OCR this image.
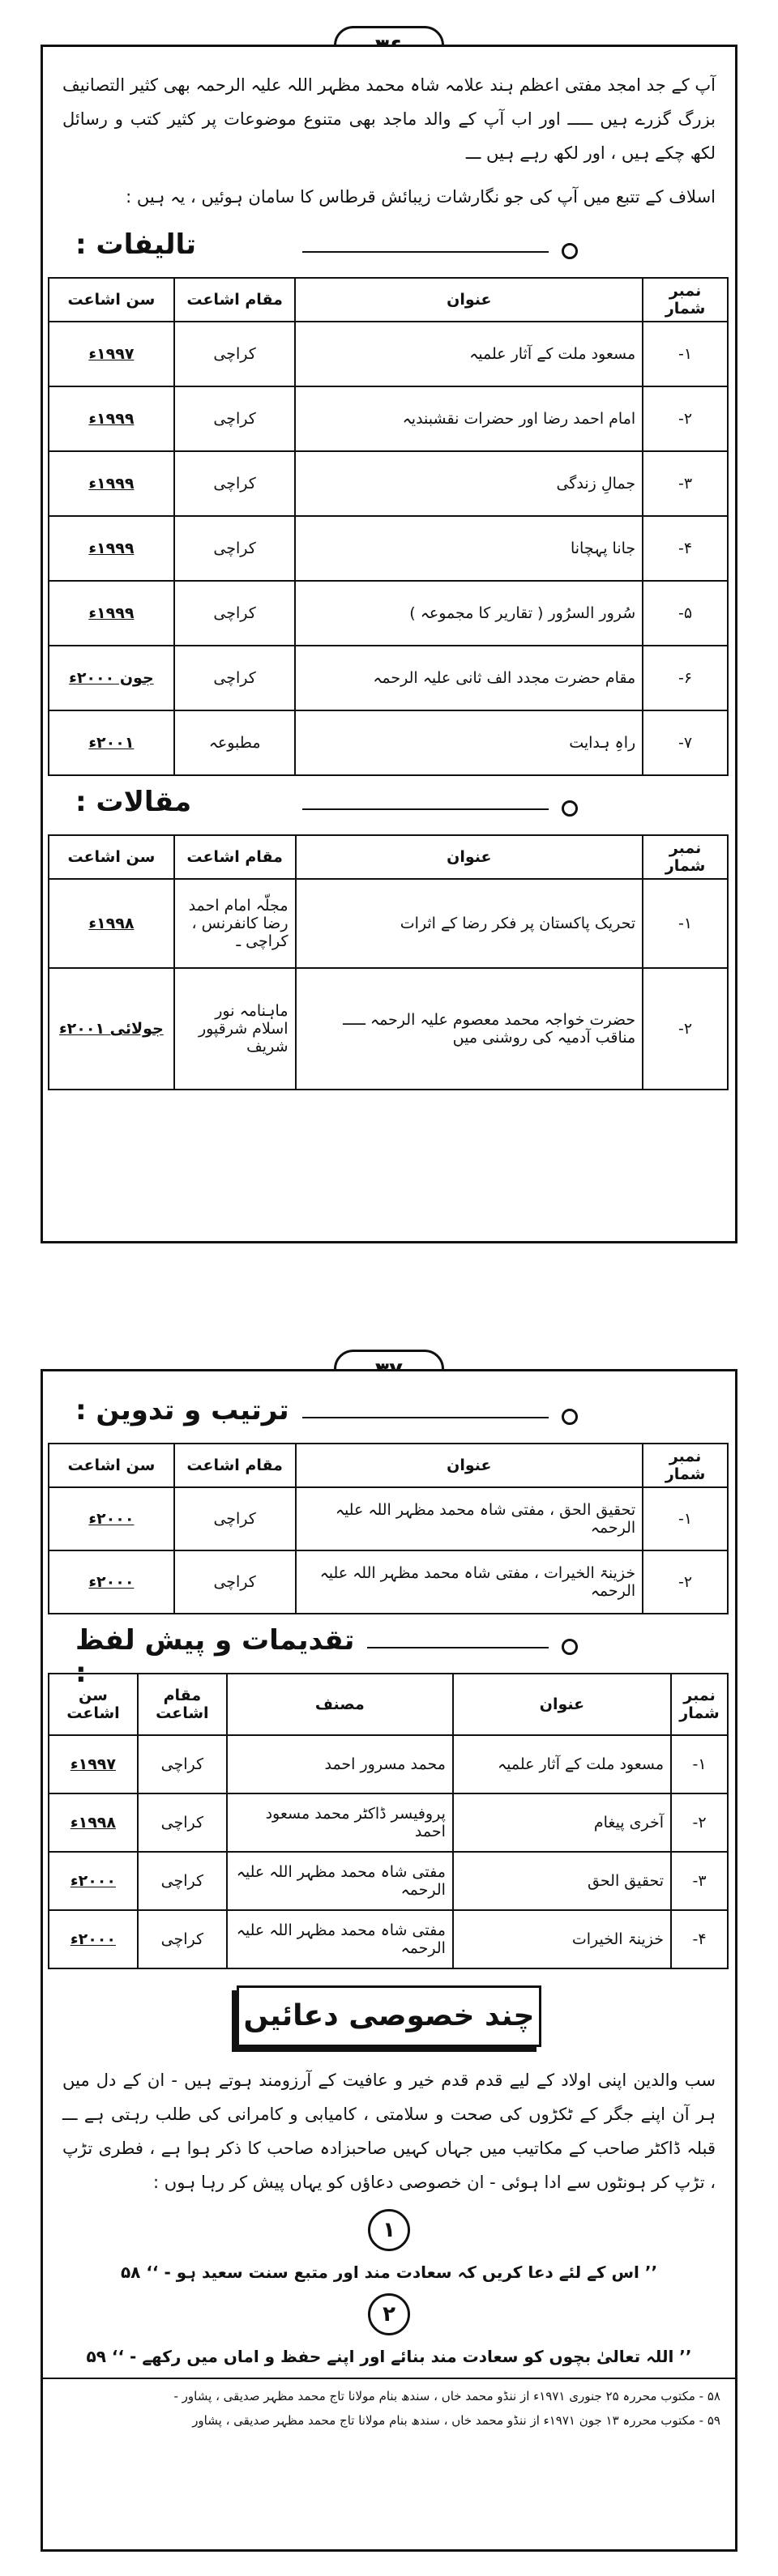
آپ کے جد امجد مفتی اعظم ہند علامہ شاہ محمد مظہر اللہ علیہ الرحمہ بھی کثیر التصانیف بزرگ گزرے ہیں ـــــ اور اب آپ کے والد ماجد بھی متنوع موضوعات پر کثیر کتب و رسائل لکھ چکے ہیں ، اور لکھ رہے ہیں ـــ

اسلاف کے تتبع میں آپ کی جو نگارشات زیبائش قرطاس کا سامان ہوئیں ، یہ ہیں :

تالیفات :
نمبر شمار	عنوان	مقام اشاعت	سن اشاعت
۱-	مسعود ملت کے آثار علمیہ	کراچی	۱۹۹۷ء
۲-	امام احمد رضا اور حضرات نقشبندیہ	کراچی	۱۹۹۹ء
۳-	جمالِ زندگی	کراچی	۱۹۹۹ء
۴-	جانا پہچانا	کراچی	۱۹۹۹ء
۵-	سُرور السرُور ( تقاریر کا مجموعہ )	کراچی	۱۹۹۹ء
۶-	مقام حضرت مجدد الف ثانی علیہ الرحمہ	کراچی	جون ۲۰۰۰ء
۷-	راہِ ہدایت	مطبوعہ	۲۰۰۱ء
مقالات :
نمبر شمار	عنوان	مقام اشاعت	سن اشاعت
۱-	تحریک پاکستان پر فکر رضا کے اثرات	مجلّہ امام احمد رضا کانفرنس ، کراچی ـ	۱۹۹۸ء
۲-	حضرت خواجہ محمد معصوم علیہ الرحمہ ـــــ مناقب آدمیہ کی روشنی میں	ماہنامہ نور اسلام شرقپور شریف	جولائی ۲۰۰۱ء
ترتیب و تدوین :
نمبر شمار	عنوان	مقام اشاعت	سن اشاعت
۱-	تحقیق الحق ، مفتی شاہ محمد مظہر اللہ علیہ الرحمہ	کراچی	۲۰۰۰ء
۲-	خزینۃ الخیرات ، مفتی شاہ محمد مظہر اللہ علیہ الرحمہ	کراچی	۲۰۰۰ء
تقدیمات و پیش لفظ :
نمبر شمار	عنوان	مصنف	مقام اشاعت	سن اشاعت
۱-	مسعود ملت کے آثار علمیہ	محمد مسرور احمد	کراچی	۱۹۹۷ء
۲-	آخری پیغام	پروفیسر ڈاکٹر محمد مسعود احمد	کراچی	۱۹۹۸ء
۳-	تحقیق الحق	مفتی شاہ محمد مظہر اللہ علیہ الرحمہ	کراچی	۲۰۰۰ء
۴-	خزینۃ الخیرات	مفتی شاہ محمد مظہر اللہ علیہ الرحمہ	کراچی	۲۰۰۰ء
چند خصوصی دعائیں

سب والدین اپنی اولاد کے لیے قدم قدم خیر و عافیت کے آرزومند ہوتے ہیں - ان کے دل میں ہر آن اپنے جگر کے ٹکڑوں کی صحت و سلامتی ، کامیابی و کامرانی کی طلب رہتی ہے ـــ قبلہ ڈاکٹر صاحب کے مکاتیب میں جہاں کہیں صاحبزادہ صاحب کا ذکر ہوا ہے ، فطری تڑپ ، تڑپ کر ہونٹوں سے ادا ہوئی - ان خصوصی دعاؤں کو یہاں پیش کر رہا ہوں :

۱
’’ اس کے لئے دعا کریں کہ سعادت مند اور متبع سنت سعید ہو - ‘‘ ۵۸
۲
’’ اللہ تعالیٰ بچوں کو سعادت مند بنائے اور اپنے حفظ و اماں میں رکھے - ‘‘ ۵۹
۵۸ - مکتوب محررہ ۲۵ جنوری ۱۹۷۱ء از ننڈو محمد خاں ، سندھ بنام مولانا تاج محمد مظہر صدیقی ، پشاور -
۵۹ - مکتوب محررہ ۱۳ جون ۱۹۷۱ء از ننڈو محمد خاں ، سندھ بنام مولانا تاج محمد مظہر صدیقی ، پشاور
